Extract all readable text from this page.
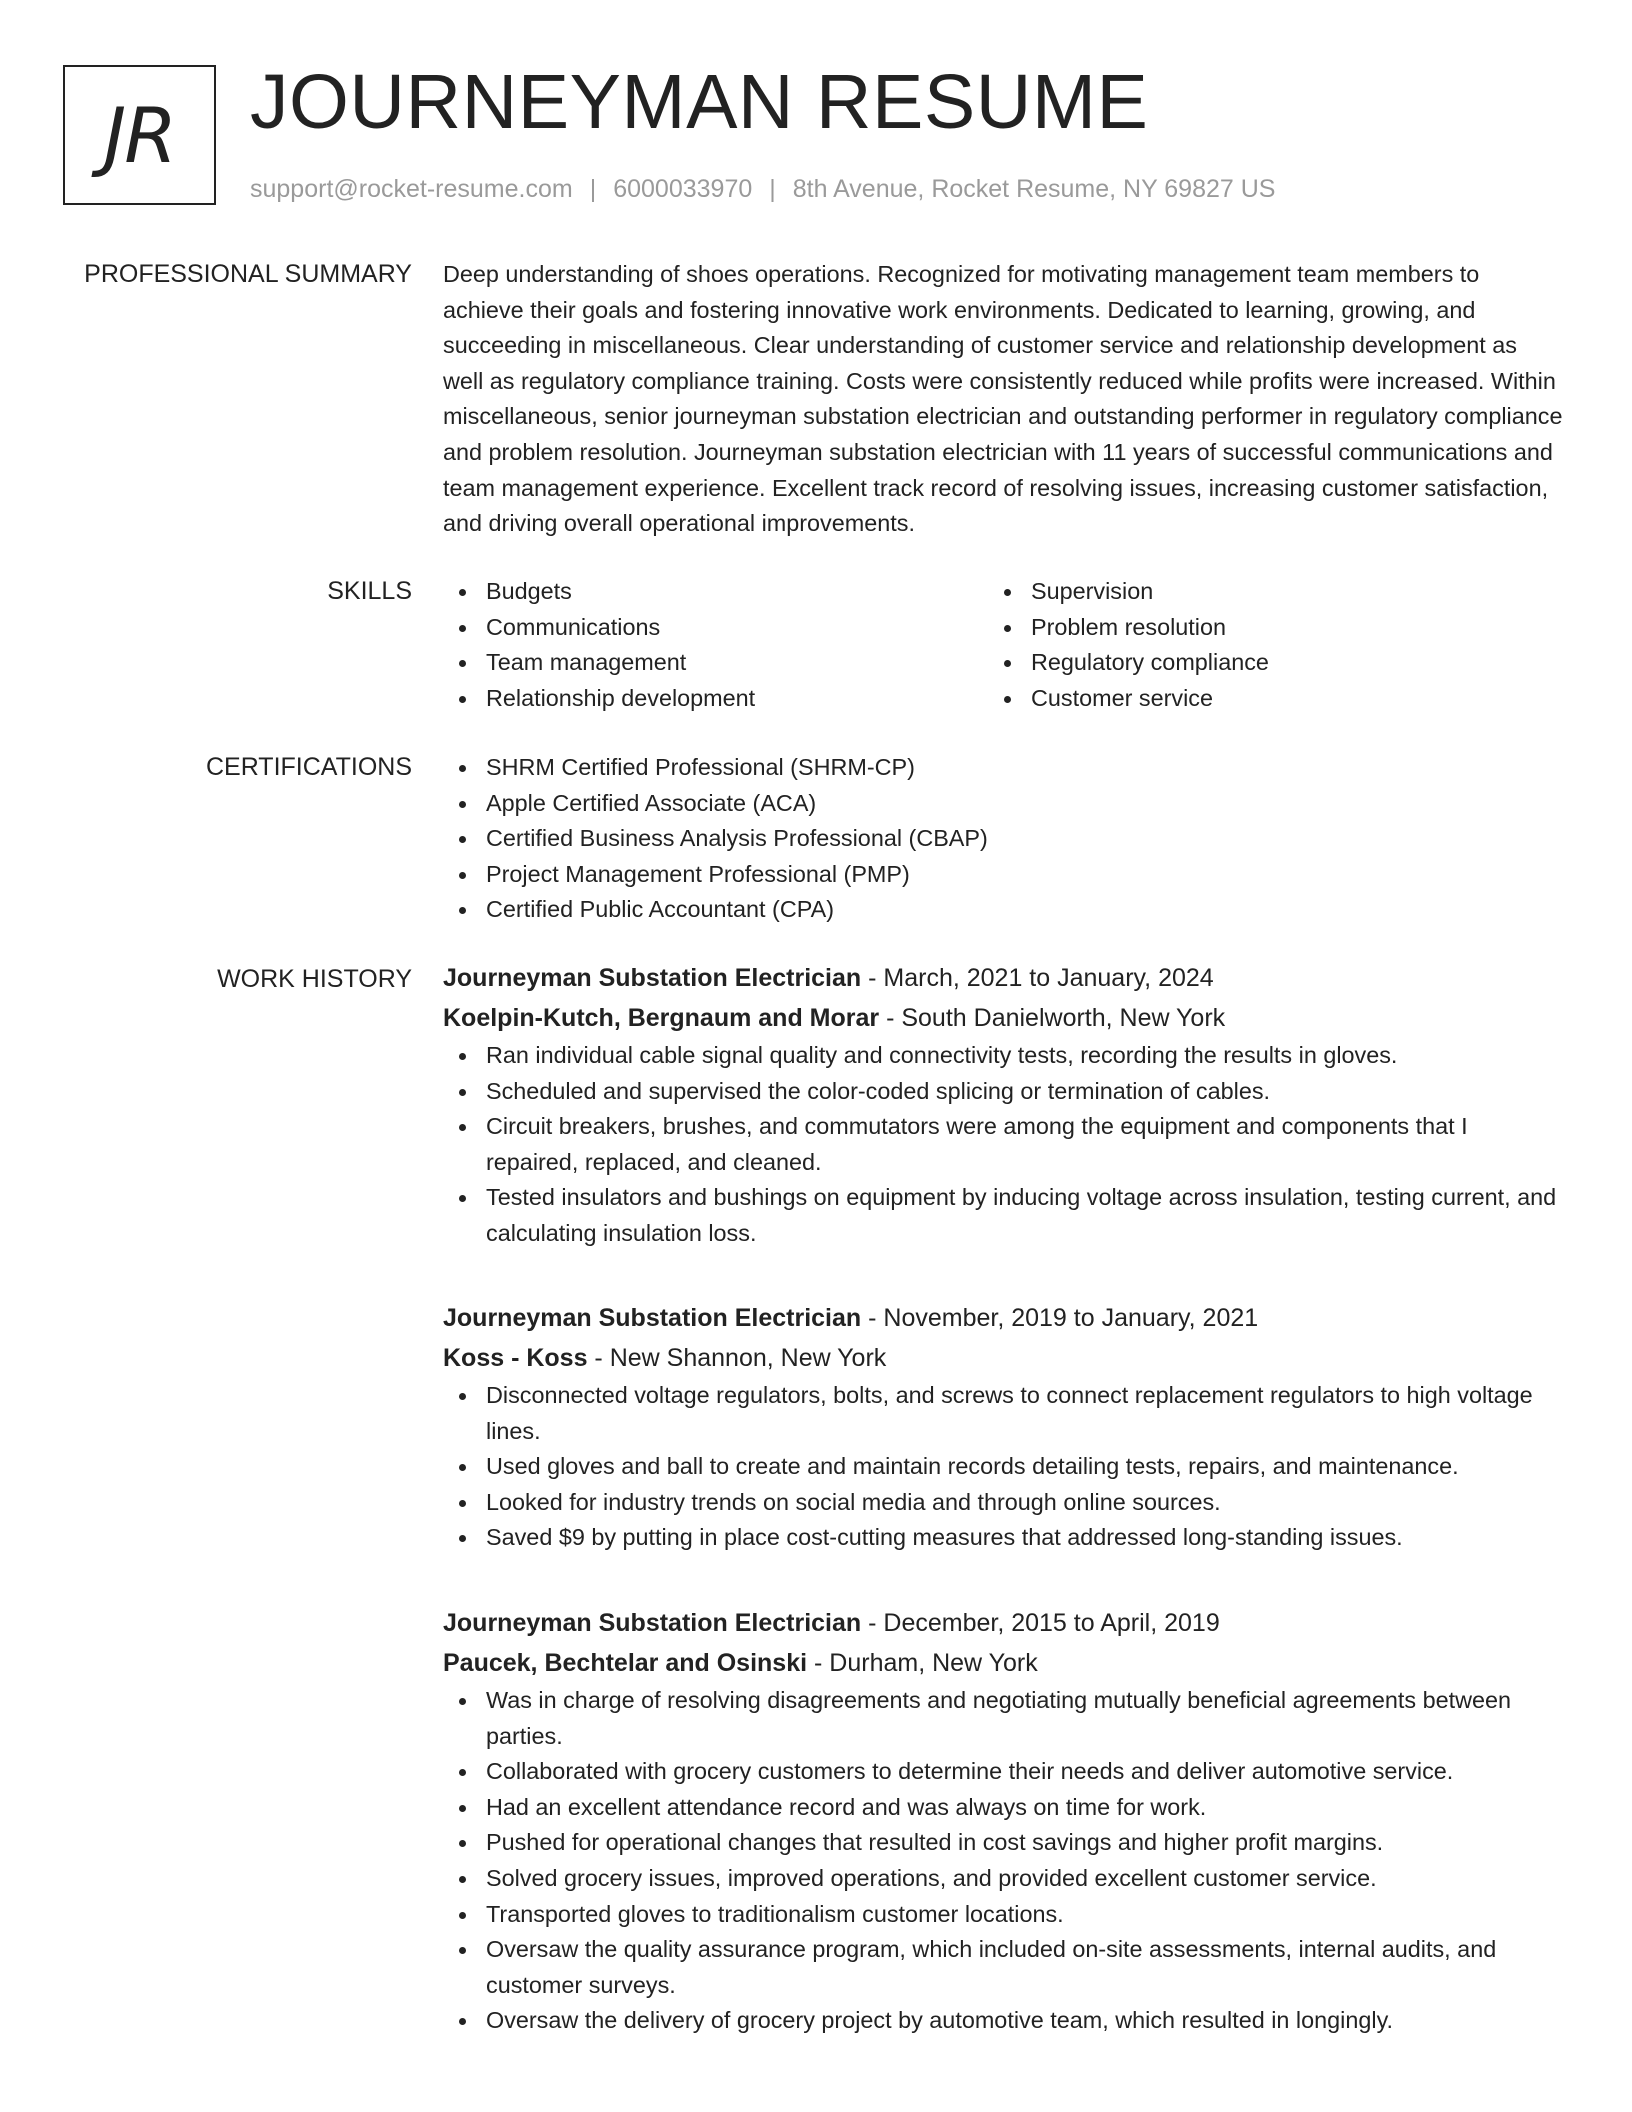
JR JOURNEYMAN RESUME
support@rocket-resume.com | 6000033970 | 8th Avenue, Rocket Resume, NY 69827 US
PROFESSIONAL SUMMARY Deep understanding of shoes operations. Recognized for motivating management team members to achieve their goals and fostering innovative work environments. Dedicated to learning, growing, and succeeding in miscellaneous. Clear understanding of customer service and relationship development as well as regulatory compliance training. Costs were consistently reduced while profits were increased. Within miscellaneous, senior journeyman substation electrician and outstanding performer in regulatory compliance and problem resolution. Journeyman substation electrician with 11 years of successful communications and team management experience. Excellent track record of resolving issues, increasing customer satisfaction, and driving overall operational improvements.

SKILLS	Budgets
Communications
Team management
Relationship development
Supervision
Problem resolution
Regulatory compliance
Customer service
CERTIFICATIONS	SHRM Certified Professional (SHRM-CP)
Apple Certified Associate (ACA)
Certified Business Analysis Professional (CBAP)
Project Management Professional (PMP)
Certified Public Accountant (CPA)
WORK HISTORY Journeyman Substation Electrician - March, 2021 to January, 2024
Koelpin-Kutch, Bergnaum and Morar - South Danielworth, New York
Ran individual cable signal quality and connectivity tests, recording the results in gloves.
Scheduled and supervised the color-coded splicing or termination of cables.
Circuit breakers, brushes, and commutators were among the equipment and components that I repaired, replaced, and cleaned.
Tested insulators and bushings on equipment by inducing voltage across insulation, testing current, and calculating insulation loss.
Journeyman Substation Electrician - November, 2019 to January, 2021
Koss - Koss - New Shannon, New York
Disconnected voltage regulators, bolts, and screws to connect replacement regulators to high voltage lines.
Used gloves and ball to create and maintain records detailing tests, repairs, and maintenance.
Looked for industry trends on social media and through online sources.
Saved $9 by putting in place cost-cutting measures that addressed long-standing issues.
Journeyman Substation Electrician - December, 2015 to April, 2019
Paucek, Bechtelar and Osinski - Durham, New York
Was in charge of resolving disagreements and negotiating mutually beneficial agreements between parties.
Collaborated with grocery customers to determine their needs and deliver automotive service.
Had an excellent attendance record and was always on time for work.
Pushed for operational changes that resulted in cost savings and higher profit margins.
Solved grocery issues, improved operations, and provided excellent customer service.
Transported gloves to traditionalism customer locations.
Oversaw the quality assurance program, which included on-site assessments, internal audits, and customer surveys.
Oversaw the delivery of grocery project by automotive team, which resulted in longingly.
